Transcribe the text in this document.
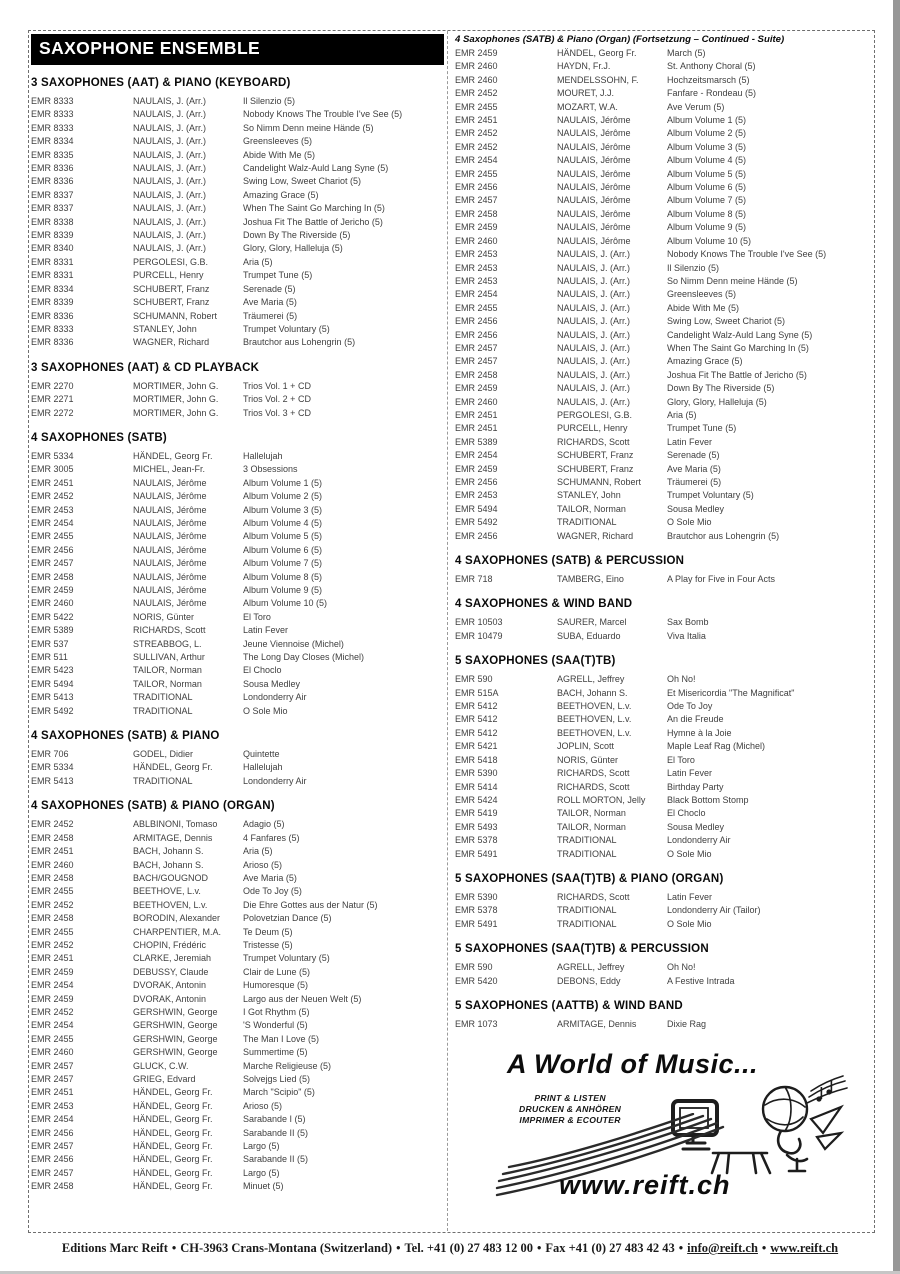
SAXOPHONE ENSEMBLE
3 SAXOPHONES (AAT) & PIANO (KEYBOARD)
EMR 8333	NAULAIS, J. (Arr.)	Il Silenzio (5)
EMR 8333	NAULAIS, J. (Arr.)	Nobody Knows The Trouble I've See (5)
EMR 8333	NAULAIS, J. (Arr.)	So Nimm Denn meine Hände (5)
EMR 8334	NAULAIS, J. (Arr.)	Greensleeves (5)
EMR 8335	NAULAIS, J. (Arr.)	Abide With Me (5)
EMR 8336	NAULAIS, J. (Arr.)	Candelight Walz-Auld Lang Syne (5)
EMR 8336	NAULAIS, J. (Arr.)	Swing Low, Sweet Chariot (5)
EMR 8337	NAULAIS, J. (Arr.)	Amazing Grace (5)
EMR 8337	NAULAIS, J. (Arr.)	When The Saint Go Marching In (5)
EMR 8338	NAULAIS, J. (Arr.)	Joshua Fit The Battle of Jericho (5)
EMR 8339	NAULAIS, J. (Arr.)	Down By The Riverside (5)
EMR 8340	NAULAIS, J. (Arr.)	Glory, Glory, Halleluja (5)
EMR 8331	PERGOLESI, G.B.	Aria (5)
EMR 8331	PURCELL, Henry	Trumpet Tune (5)
EMR 8334	SCHUBERT, Franz	Serenade (5)
EMR 8339	SCHUBERT, Franz	Ave Maria (5)
EMR 8336	SCHUMANN, Robert	Träumerei (5)
EMR 8333	STANLEY, John	Trumpet Voluntary (5)
EMR 8336	WAGNER, Richard	Brautchor aus Lohengrin (5)
3 SAXOPHONES (AAT) & CD PLAYBACK
EMR 2270	MORTIMER, John G.	Trios Vol. 1 + CD
EMR 2271	MORTIMER, John G.	Trios Vol. 2 + CD
EMR 2272	MORTIMER, John G.	Trios Vol. 3 + CD
4 SAXOPHONES (SATB)
EMR 5334	HÄNDEL, Georg Fr.	Hallelujah
EMR 3005	MICHEL, Jean-Fr.	3 Obsessions
EMR 2451	NAULAIS, Jérôme	Album Volume 1 (5)
EMR 2452	NAULAIS, Jérôme	Album Volume 2 (5)
EMR 2453	NAULAIS, Jérôme	Album Volume 3 (5)
EMR 2454	NAULAIS, Jérôme	Album Volume 4 (5)
EMR 2455	NAULAIS, Jérôme	Album Volume 5 (5)
EMR 2456	NAULAIS, Jérôme	Album Volume 6 (5)
EMR 2457	NAULAIS, Jérôme	Album Volume 7 (5)
EMR 2458	NAULAIS, Jérôme	Album Volume 8 (5)
EMR 2459	NAULAIS, Jérôme	Album Volume 9 (5)
EMR 2460	NAULAIS, Jérôme	Album Volume 10 (5)
EMR 5422	NORIS, Günter	El Toro
EMR 5389	RICHARDS, Scott	Latin Fever
EMR 537	STREABBOG, L.	Jeune Viennoise (Michel)
EMR 511	SULLIVAN, Arthur	The Long Day Closes (Michel)
EMR 5423	TAILOR, Norman	El Choclo
EMR 5494	TAILOR, Norman	Sousa Medley
EMR 5413	TRADITIONAL	Londonderry Air
EMR 5492	TRADITIONAL	O Sole Mio
4 SAXOPHONES (SATB) & PIANO
EMR 706	GODEL, Didier	Quintette
EMR 5334	HÄNDEL, Georg Fr.	Hallelujah
EMR 5413	TRADITIONAL	Londonderry Air
4 SAXOPHONES (SATB) & PIANO (ORGAN)
EMR 2452	ABLBINONI, Tomaso	Adagio (5)
EMR 2458	ARMITAGE, Dennis	4 Fanfares (5)
EMR 2451	BACH, Johann S.	Aria (5)
EMR 2460	BACH, Johann S.	Arioso (5)
EMR 2458	BACH/GOUGNOD	Ave Maria (5)
EMR 2455	BEETHOVE, L.v.	Ode To Joy (5)
EMR 2452	BEETHOVEN, L.v.	Die Ehre Gottes aus der Natur (5)
EMR 2458	BORODIN, Alexander	Polovetzian Dance (5)
EMR 2455	CHARPENTIER, M.A.	Te Deum (5)
EMR 2452	CHOPIN, Frédéric	Tristesse (5)
EMR 2451	CLARKE, Jeremiah	Trumpet Voluntary (5)
EMR 2459	DEBUSSY, Claude	Clair de Lune (5)
EMR 2454	DVORAK, Antonin	Humoresque (5)
EMR 2459	DVORAK, Antonin	Largo aus der Neuen Welt (5)
EMR 2452	GERSHWIN, George	I Got Rhythm (5)
EMR 2454	GERSHWIN, George	'S Wonderful (5)
EMR 2455	GERSHWIN, George	The Man I Love (5)
EMR 2460	GERSHWIN, George	Summertime (5)
EMR 2457	GLUCK, C.W.	Marche Religieuse (5)
EMR 2457	GRIEG, Edvard	Solvejgs Lied (5)
EMR 2451	HÄNDEL, Georg Fr.	March "Scipio" (5)
EMR 2453	HÄNDEL, Georg Fr.	Arioso (5)
EMR 2454	HÄNDEL, Georg Fr.	Sarabande I (5)
EMR 2456	HÄNDEL, Georg Fr.	Sarabande II (5)
EMR 2457	HÄNDEL, Georg Fr.	Largo (5)
EMR 2456	HÄNDEL, Georg Fr.	Sarabande II (5)
EMR 2457	HÄNDEL, Georg Fr.	Largo (5)
EMR 2458	HÄNDEL, Georg Fr.	Minuet (5)
4 Saxophones (SATB) & Piano (Organ) (Fortsetzung – Continued - Suite)
EMR 2459	HÄNDEL, Georg Fr.	March (5)
EMR 2460	HAYDN, Fr.J.	St. Anthony Choral (5)
EMR 2460	MENDELSSOHN, F.	Hochzeitsmarsch (5)
EMR 2452	MOURET, J.J.	Fanfare - Rondeau (5)
EMR 2455	MOZART, W.A.	Ave Verum (5)
EMR 2451	NAULAIS, Jérôme	Album Volume 1 (5)
EMR 2452	NAULAIS, Jérôme	Album Volume 2 (5)
EMR 2452	NAULAIS, Jérôme	Album Volume 3 (5)
EMR 2454	NAULAIS, Jérôme	Album Volume 4 (5)
EMR 2455	NAULAIS, Jérôme	Album Volume 5 (5)
EMR 2456	NAULAIS, Jérôme	Album Volume 6 (5)
EMR 2457	NAULAIS, Jérôme	Album Volume 7 (5)
EMR 2458	NAULAIS, Jérôme	Album Volume 8 (5)
EMR 2459	NAULAIS, Jérôme	Album Volume 9 (5)
EMR 2460	NAULAIS, Jérôme	Album Volume 10 (5)
EMR 2453	NAULAIS, J. (Arr.)	Nobody Knows The Trouble I've See (5)
EMR 2453	NAULAIS, J. (Arr.)	Il Silenzio (5)
EMR 2453	NAULAIS, J. (Arr.)	So Nimm Denn meine Hände (5)
EMR 2454	NAULAIS, J. (Arr.)	Greensleeves (5)
EMR 2455	NAULAIS, J. (Arr.)	Abide With Me (5)
EMR 2456	NAULAIS, J. (Arr.)	Swing Low, Sweet Chariot (5)
EMR 2456	NAULAIS, J. (Arr.)	Candelight Walz-Auld Lang Syne (5)
EMR 2457	NAULAIS, J. (Arr.)	When The Saint Go Marching In (5)
EMR 2457	NAULAIS, J. (Arr.)	Amazing Grace (5)
EMR 2458	NAULAIS, J. (Arr.)	Joshua Fit The Battle of Jericho (5)
EMR 2459	NAULAIS, J. (Arr.)	Down By The Riverside (5)
EMR 2460	NAULAIS, J. (Arr.)	Glory, Glory, Halleluja (5)
EMR 2451	PERGOLESI, G.B.	Aria (5)
EMR 2451	PURCELL, Henry	Trumpet Tune (5)
EMR 5389	RICHARDS, Scott	Latin Fever
EMR 2454	SCHUBERT, Franz	Serenade (5)
EMR 2459	SCHUBERT, Franz	Ave Maria (5)
EMR 2456	SCHUMANN, Robert	Träumerei (5)
EMR 2453	STANLEY, John	Trumpet Voluntary (5)
EMR 5494	TAILOR, Norman	Sousa Medley
EMR 5492	TRADITIONAL	O Sole Mio
EMR 2456	WAGNER, Richard	Brautchor aus Lohengrin (5)
4 SAXOPHONES (SATB) & PERCUSSION
EMR 718	TAMBERG, Eino	A Play for Five in Four Acts
4 SAXOPHONES & WIND BAND
EMR 10503	SAURER, Marcel	Sax Bomb
EMR 10479	SUBA, Eduardo	Viva Italia
5 SAXOPHONES (SAA(T)TB)
EMR 590	AGRELL, Jeffrey	Oh No!
EMR 515A	BACH, Johann S.	Et Misericordia "The Magnificat"
EMR 5412	BEETHOVEN, L.v.	Ode To Joy
EMR 5412	BEETHOVEN, L.v.	An die Freude
EMR 5412	BEETHOVEN, L.v.	Hymne à la Joie
EMR 5421	JOPLIN, Scott	Maple Leaf Rag (Michel)
EMR 5418	NORIS, Günter	El Toro
EMR 5390	RICHARDS, Scott	Latin Fever
EMR 5414	RICHARDS, Scott	Birthday Party
EMR 5424	ROLL MORTON, Jelly	Black Bottom Stomp
EMR 5419	TAILOR, Norman	El Choclo
EMR 5493	TAILOR, Norman	Sousa Medley
EMR 5378	TRADITIONAL	Londonderry Air
EMR 5491	TRADITIONAL	O Sole Mio
5 SAXOPHONES (SAA(T)TB) & PIANO (ORGAN)
EMR 5390	RICHARDS, Scott	Latin Fever
EMR 5378	TRADITIONAL	Londonderry Air (Tailor)
EMR 5491	TRADITIONAL	O Sole Mio
5 SAXOPHONES (SAA(T)TB) & PERCUSSION
EMR 590	AGRELL, Jeffrey	Oh No!
EMR 5420	DEBONS, Eddy	A Festive Intrada
5 SAXOPHONES (AATTB) & WIND BAND
EMR 1073	ARMITAGE, Dennis	Dixie Rag
A World of Music...
PRINT & LISTEN
DRUCKEN & ANHÖREN
IMPRIMER & ECOUTER
www.reift.ch
Editions Marc Reift • CH-3963 Crans-Montana (Switzerland) • Tel. +41 (0) 27 483 12 00 • Fax +41 (0) 27 483 42 43 • info@reift.ch • www.reift.ch
